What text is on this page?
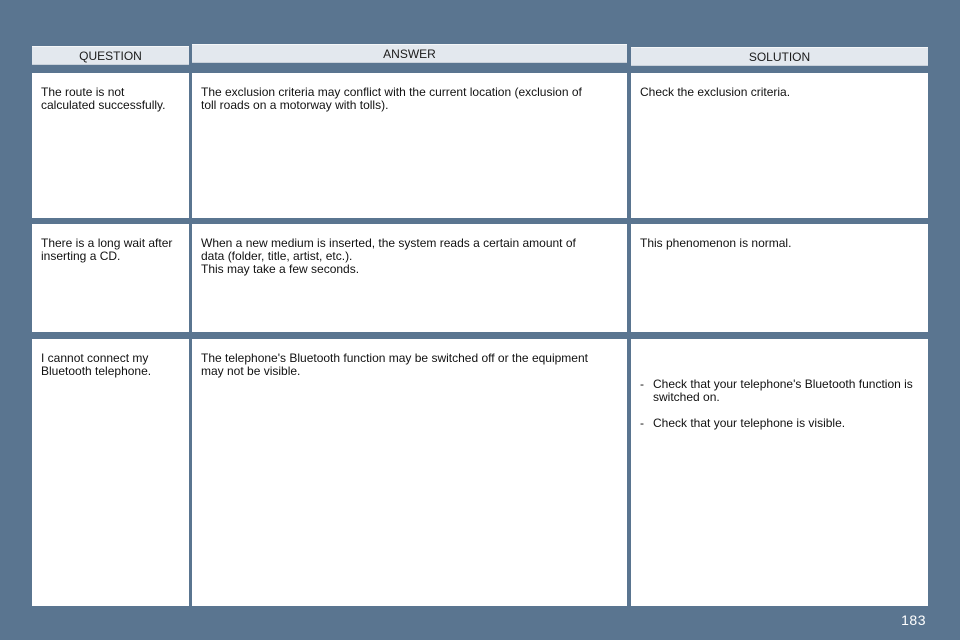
QUESTION	ANSWER	SOLUTION
The route is not
calculated successfully.
The exclusion criteria may conflict with the current location (exclusion of
toll roads on a motorway with tolls).
Check the exclusion criteria.
There is a long wait after
inserting a CD.
When a new medium is inserted, the system reads a certain amount of
data (folder, title, artist, etc.).
This may take a few seconds.
This phenomenon is normal.
I cannot connect my
Bluetooth telephone.
The telephone's Bluetooth function may be switched off or the equipment
may not be visible.

- Check that your telephone's Bluetooth function is switched on.

- Check that your telephone is visible.

183
